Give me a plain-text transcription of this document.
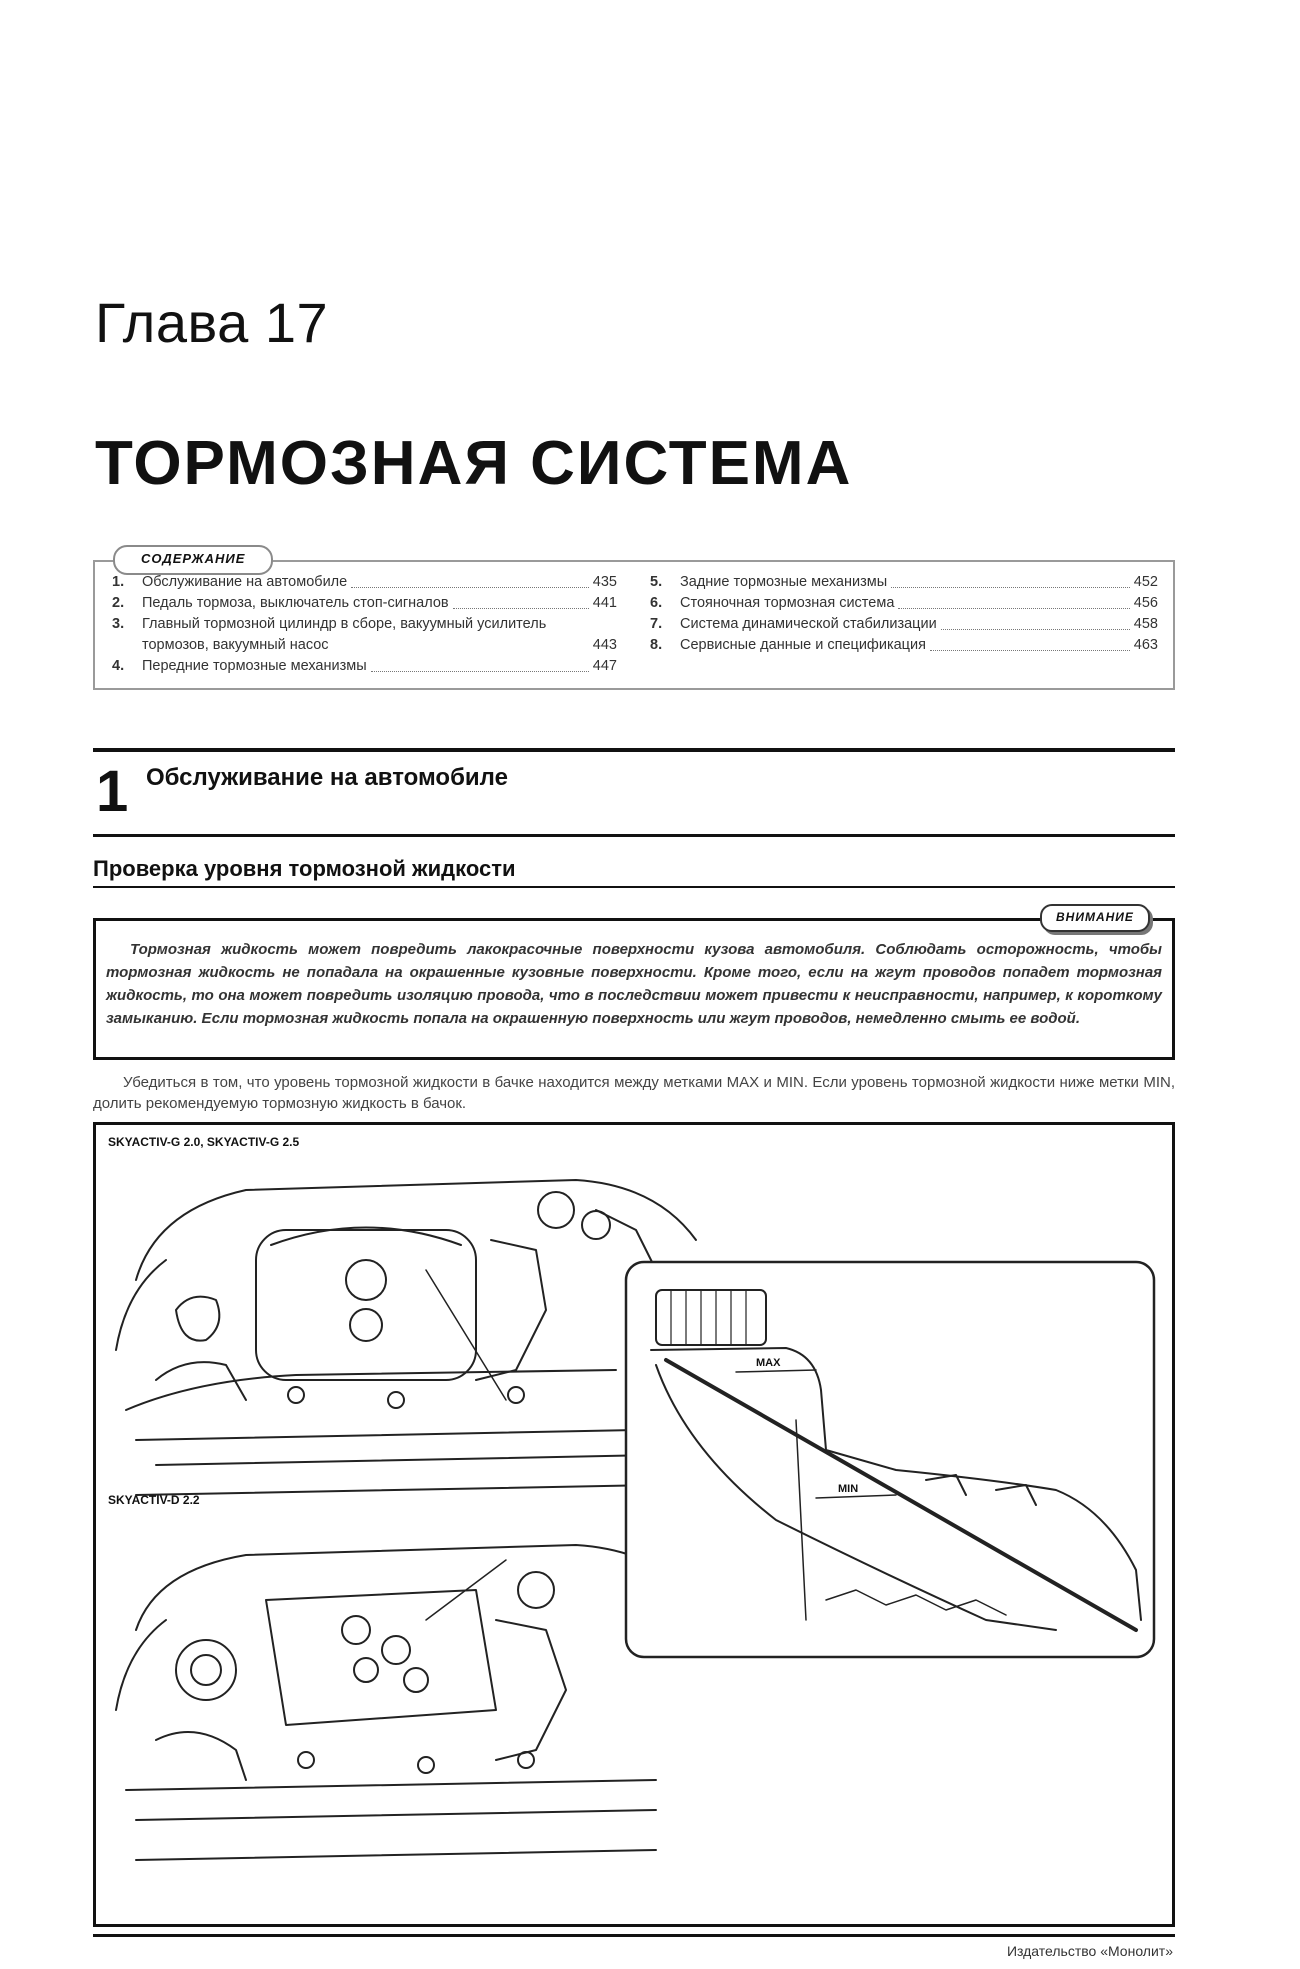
Глава 17
ТОРМОЗНАЯ СИСТЕМА
СОДЕРЖАНИЕ
1.	Обслуживание на автомобиле	435
2.	Педаль тормоза, выключатель стоп-сигналов	441
3.	Главный тормозной цилиндр в сборе, вакуумный усилитель тормозов, вакуумный насос	443
4.	Передние тормозные механизмы	447
5.	Задние тормозные механизмы	452
6.	Стояночная тормозная система	456
7.	Система динамической стабилизации	458
8.	Сервисные данные и спецификация	463
1 Обслуживание на автомобиле
Проверка уровня тормозной жидкости
ВНИМАНИЕ
Тормозная жидкость может повредить лакокрасочные поверхности кузова автомобиля. Соблюдать осторожность, чтобы тормозная жидкость не попадала на окрашенные кузовные поверхности. Кроме того, если на жгут проводов попадет тормозная жидкость, то она может повредить изоляцию провода, что в последствии может привести к неисправности, например, к короткому замыканию. Если тормозная жидкость попала на окрашенную поверхность или жгут проводов, немедленно смыть ее водой.
Убедиться в том, что уровень тормозной жидкости в бачке находится между метками MAX и MIN. Если уровень тормозной жидкости ниже метки MIN, долить рекомендуемую тормозную жидкость в бачок.
SKYACTIV-G 2.0, SKYACTIV-G 2.5
SKYACTIV-D 2.2
MAX
MIN
Издательство «Монолит»
